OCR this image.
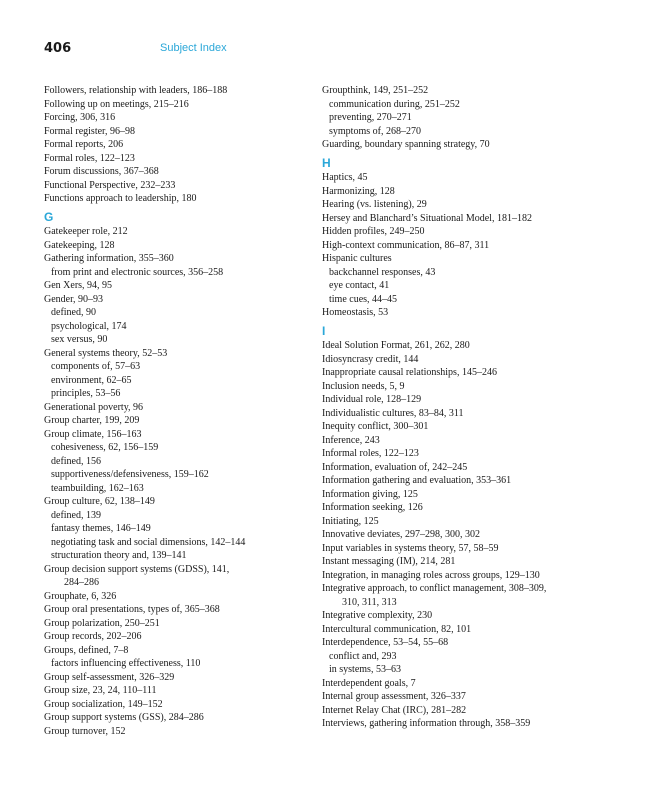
406	Subject Index
Followers, relationship with leaders, 186–188
Following up on meetings, 215–216
Forcing, 306, 316
Formal register, 96–98
Formal reports, 206
Formal roles, 122–123
Forum discussions, 367–368
Functional Perspective, 232–233
Functions approach to leadership, 180
G
Gatekeeper role, 212
Gatekeeping, 128
Gathering information, 355–360
from print and electronic sources, 356–258
Gen Xers, 94, 95
Gender, 90–93
defined, 90
psychological, 174
sex versus, 90
General systems theory, 52–53
components of, 57–63
environment, 62–65
principles, 53–56
Generational poverty, 96
Group charter, 199, 209
Group climate, 156–163
cohesiveness, 62, 156–159
defined, 156
supportiveness/defensiveness, 159–162
teambuilding, 162–163
Group culture, 62, 138–149
defined, 139
fantasy themes, 146–149
negotiating task and social dimensions, 142–144
structuration theory and, 139–141
Group decision support systems (GDSS), 141,
284–286
Grouphate, 6, 326
Group oral presentations, types of, 365–368
Group polarization, 250–251
Group records, 202–206
Groups, defined, 7–8
factors influencing effectiveness, 110
Group self-assessment, 326–329
Group size, 23, 24, 110–111
Group socialization, 149–152
Group support systems (GSS), 284–286
Group turnover, 152
Groupthink, 149, 251–252
communication during, 251–252
preventing, 270–271
symptoms of, 268–270
Guarding, boundary spanning strategy, 70
H
Haptics, 45
Harmonizing, 128
Hearing (vs. listening), 29
Hersey and Blanchard’s Situational Model, 181–182
Hidden profiles, 249–250
High-context communication, 86–87, 311
Hispanic cultures
backchannel responses, 43
eye contact, 41
time cues, 44–45
Homeostasis, 53
I
Ideal Solution Format, 261, 262, 280
Idiosyncrasy credit, 144
Inappropriate causal relationships, 145–246
Inclusion needs, 5, 9
Individual role, 128–129
Individualistic cultures, 83–84, 311
Inequity conflict, 300–301
Inference, 243
Informal roles, 122–123
Information, evaluation of, 242–245
Information gathering and evaluation, 353–361
Information giving, 125
Information seeking, 126
Initiating, 125
Innovative deviates, 297–298, 300, 302
Input variables in systems theory, 57, 58–59
Instant messaging (IM), 214, 281
Integration, in managing roles across groups, 129–130
Integrative approach, to conflict management, 308–309,
310, 311, 313
Integrative complexity, 230
Intercultural communication, 82, 101
Interdependence, 53–54, 55–68
conflict and, 293
in systems, 53–63
Interdependent goals, 7
Internal group assessment, 326–337
Internet Relay Chat (IRC), 281–282
Interviews, gathering information through, 358–359
